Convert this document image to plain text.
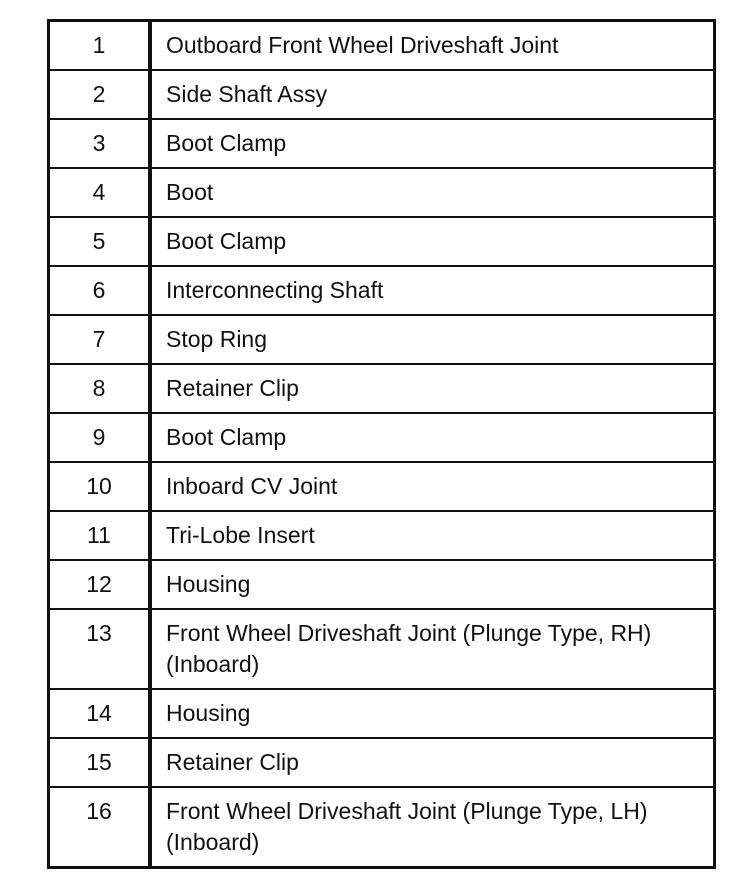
1	Outboard Front Wheel Driveshaft Joint
2	Side Shaft Assy
3	Boot Clamp
4	Boot
5	Boot Clamp
6	Interconnecting Shaft
7	Stop Ring
8	Retainer Clip
9	Boot Clamp
10	Inboard CV Joint
11	Tri-Lobe Insert
12	Housing
13	Front Wheel Driveshaft Joint (Plunge Type, RH) (Inboard)
14	Housing
15	Retainer Clip
16	Front Wheel Driveshaft Joint (Plunge Type, LH) (Inboard)
